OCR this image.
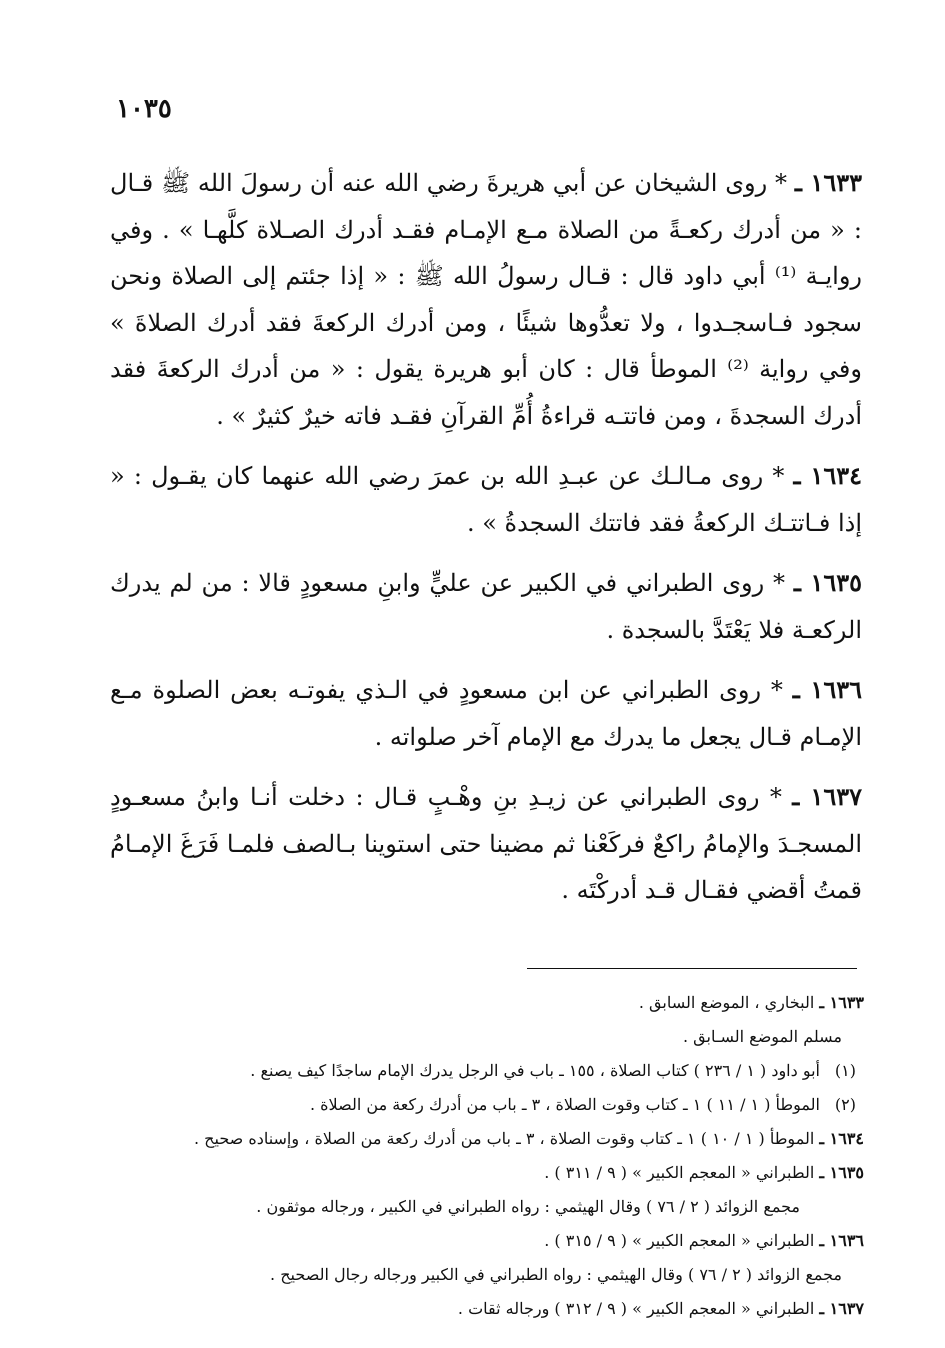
١٠٣٥

١٦٣٣ ـ * روى الشيخان عن أبي هريرةَ رضي الله عنه أن رسولَ الله ﷺ قـال : « من أدرك ركعـةً من الصلاة مـع الإمـام فقـد أدرك الصـلاة كلَّهـا » . وفي روايـة ⁽¹⁾ أبي داود قال : قـال رسولُ الله ﷺ : « إذا جئتم إلى الصلاة ونحن سجود فـاسجـدوا ، ولا تعدُّوها شيئًا ، ومن أدرك الركعةَ فقد أدرك الصلاةَ » وفي رواية ⁽²⁾ الموطأ قال : كان أبو هريرة يقول : « من أدرك الركعةَ فقد أدرك السجدةَ ، ومن فاتتـه قراءةُ أُمِّ القرآنِ فقـد فاته خيرٌ كثيرٌ » .

١٦٣٤ ـ * روى مـالـك عن عبـدِ الله بن عمرَ رضي الله عنهما كان يقـول : « إذا فـاتتـك الركعةُ فقد فاتتك السجدةُ » .

١٦٣٥ ـ * روى الطبراني في الكبير عن عليٍّ وابنِ مسعودٍ قالا : من لم يدرك الركعـة فلا يَعْتَدَّ بالسجدة .

١٦٣٦ ـ * روى الطبراني عن ابن مسعودٍ في الـذي يفوتـه بعض الصلوة مـع الإمـام قـال يجعل ما يدرك مع الإمام آخر صلواته .

١٦٣٧ ـ * روى الطبراني عن زيـدِ بنِ وهْـبٍ قـال : دخلت أنـا وابنُ مسعـودٍ المسجـدَ والإمامُ راكعٌ فركَعْنا ثم مضينا حتى استوينا بـالصف فلمـا فَرَغَ الإمـامُ قمتُ أقضي فقـال قـد أدركْتَه .

١٦٣٣ ـ البخاري ، الموضع السابق .
مسلم الموضع السـابق .
(١)أبو داود ( ١ / ٢٣٦ ) كتاب الصلاة ، ١٥٥ ـ باب في الرجل يدرك الإمام ساجدًا كيف يصنع .
(٢)الموطأ ( ١ / ١١ ) ١ ـ كتاب وقوت الصلاة ، ٣ ـ باب من أدرك ركعة من الصلاة .
١٦٣٤ ـ الموطأ ( ١ / ١٠ ) ١ ـ كتاب وقوت الصلاة ، ٣ ـ باب من أدرك ركعة من الصلاة ، وإسناده صحيح .
١٦٣٥ ـ الطبراني « المعجم الكبير » ( ٩ / ٣١١ ) .
مجمع الزوائد ( ٢ / ٧٦ ) وقال الهيثمي : رواه الطبراني في الكبير ، ورجاله موثقون .
١٦٣٦ ـ الطبراني « المعجم الكبير » ( ٩ / ٣١٥ ) .
مجمع الزوائد ( ٢ / ٧٦ ) وقال الهيثمي : رواه الطبراني في الكبير ورجاله رجال الصحيح .
١٦٣٧ ـ الطبراني « المعجم الكبير » ( ٩ / ٣١٢ ) ورجاله ثقات .
